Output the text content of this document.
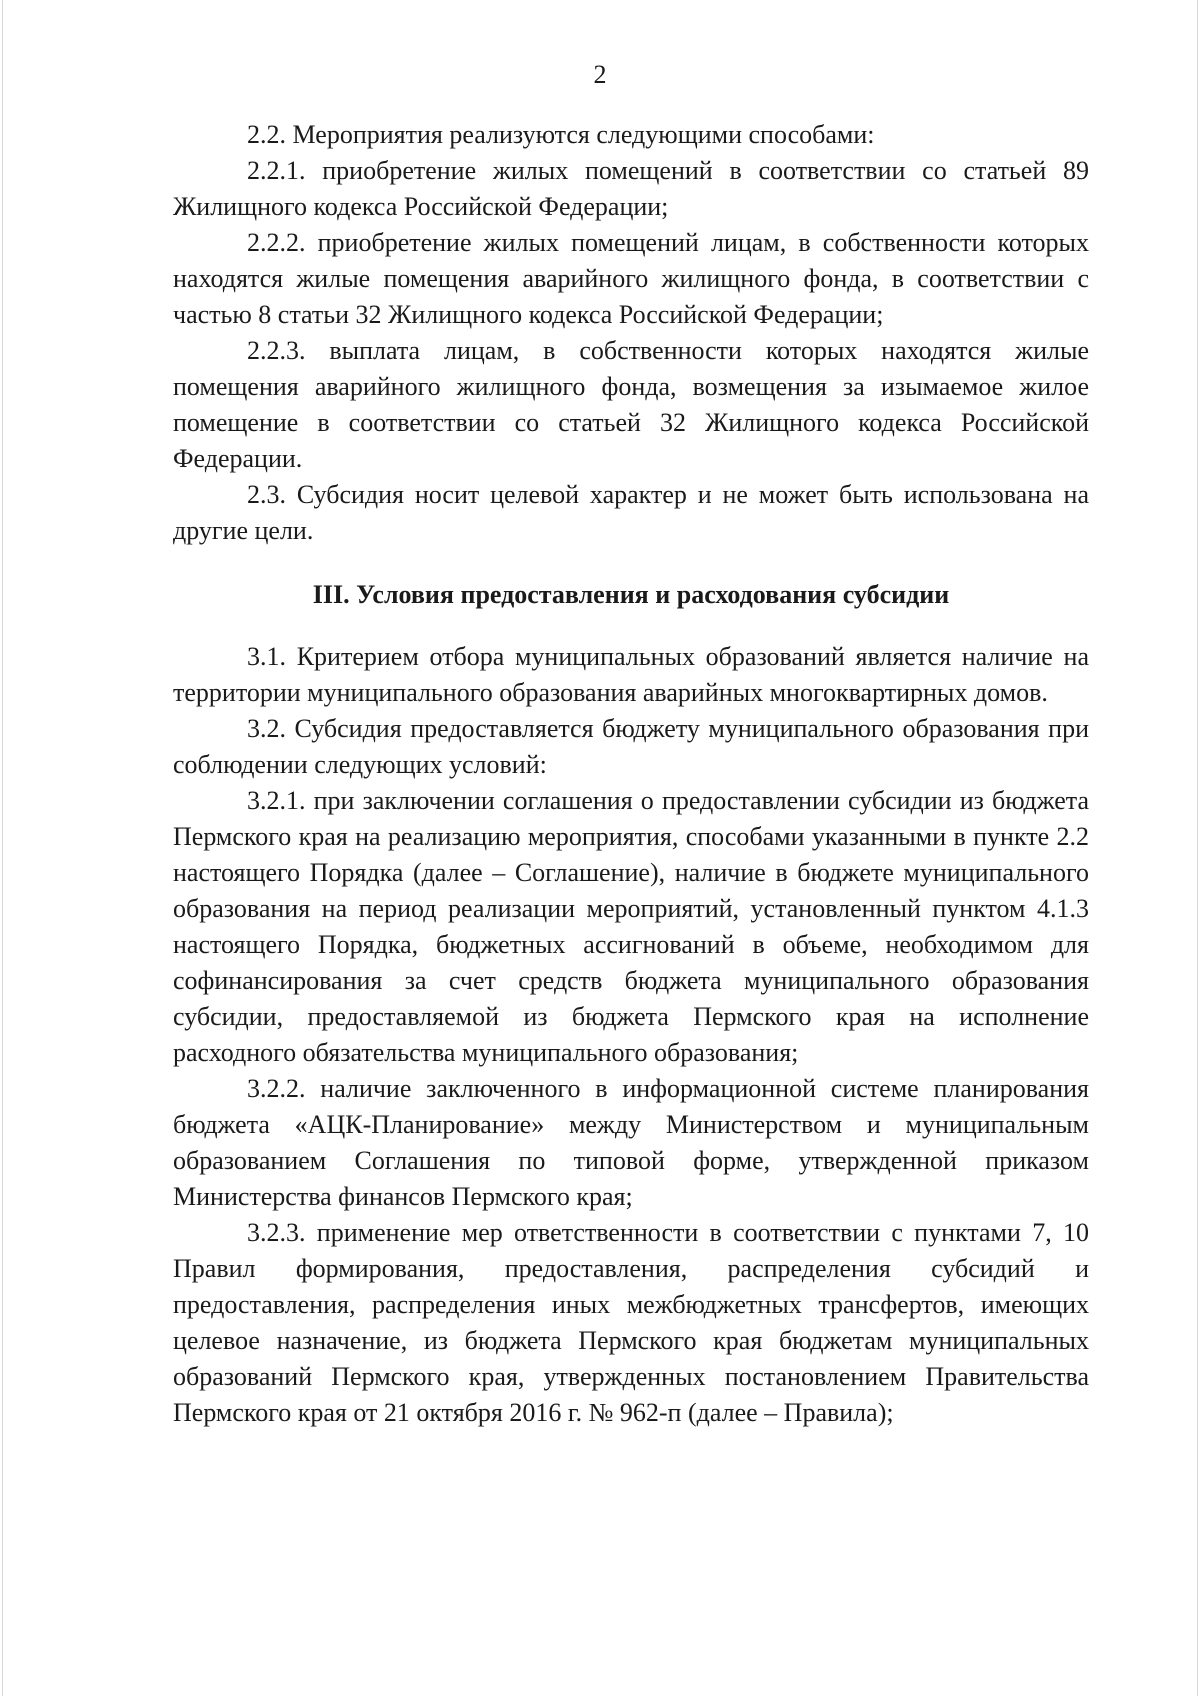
2

2.2. Мероприятия реализуются следующими способами:

2.2.1. приобретение жилых помещений в соответствии со статьей 89 Жилищного кодекса Российской Федерации;

2.2.2. приобретение жилых помещений лицам, в собственности которых находятся жилые помещения аварийного жилищного фонда, в соответствии с частью 8 статьи 32 Жилищного кодекса Российской Федерации;

2.2.3. выплата лицам, в собственности которых находятся жилые помещения аварийного жилищного фонда, возмещения за изымаемое жилое помещение в соответствии со статьей 32 Жилищного кодекса Российской Федерации.

2.3. Субсидия носит целевой характер и не может быть использована на другие цели.

III. Условия предоставления и расходования субсидии

3.1. Критерием отбора муниципальных образований является наличие на территории муниципального образования аварийных многоквартирных домов.

3.2. Субсидия предоставляется бюджету муниципального образования при соблюдении следующих условий:

3.2.1. при заключении соглашения о предоставлении субсидии из бюджета Пермского края на реализацию мероприятия, способами указанными в пункте 2.2 настоящего Порядка (далее – Соглашение), наличие в бюджете муниципального образования на период реализации мероприятий, установленный пунктом 4.1.3 настоящего Порядка, бюджетных ассигнований в объеме, необходимом для софинансирования за счет средств бюджета муниципального образования субсидии, предоставляемой из бюджета Пермского края на исполнение расходного обязательства муниципального образования;

3.2.2. наличие заключенного в информационной системе планирования бюджета «АЦК-Планирование» между Министерством и муниципальным образованием Соглашения по типовой форме, утвержденной приказом Министерства финансов Пермского края;

3.2.3. применение мер ответственности в соответствии с пунктами 7, 10 Правил формирования, предоставления, распределения субсидий и предоставления, распределения иных межбюджетных трансфертов, имеющих целевое назначение, из бюджета Пермского края бюджетам муниципальных образований Пермского края, утвержденных постановлением Правительства Пермского края от 21 октября 2016 г. № 962-п (далее – Правила);
